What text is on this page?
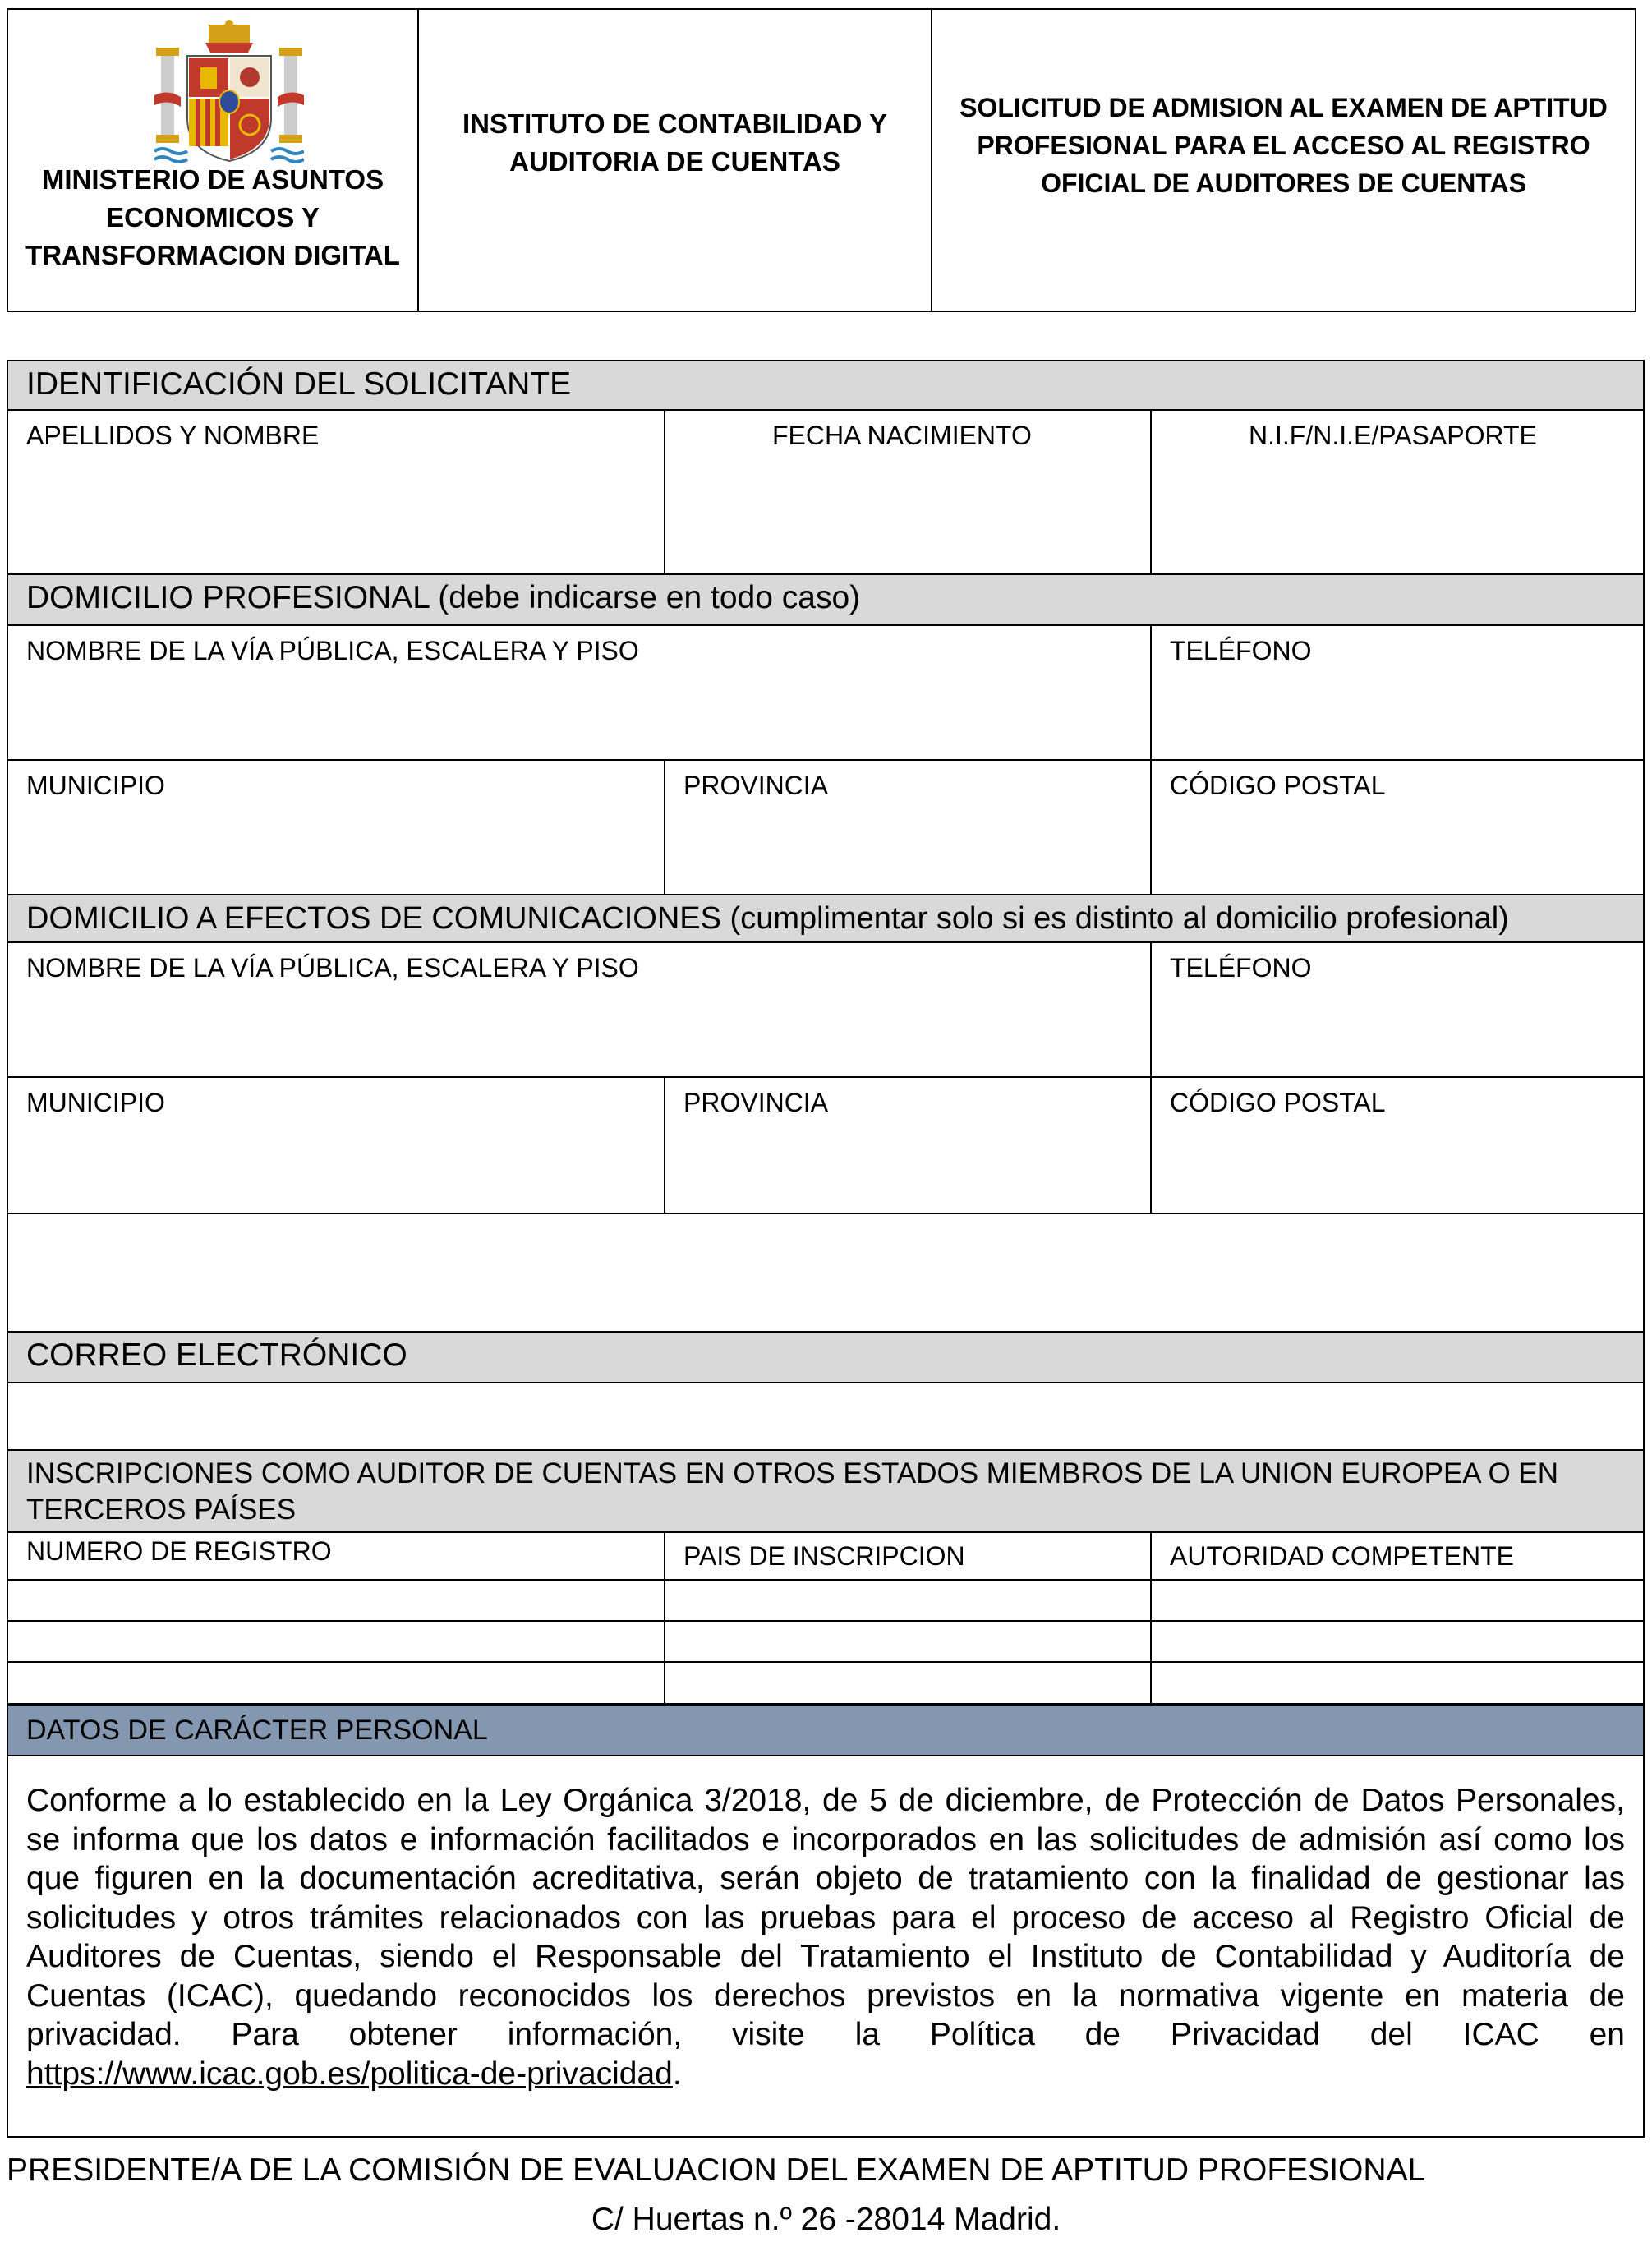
MINISTERIO DE ASUNTOS ECONOMICOS Y TRANSFORMACION DIGITAL
INSTITUTO DE CONTABILIDAD Y AUDITORIA DE CUENTAS
SOLICITUD DE ADMISION AL EXAMEN DE APTITUD PROFESIONAL PARA EL ACCESO AL REGISTRO OFICIAL DE AUDITORES DE CUENTAS
IDENTIFICACIÓN DEL SOLICITANTE
APELLIDOS Y NOMBRE	FECHA NACIMIENTO	N.I.F/N.I.E/PASAPORTE
DOMICILIO PROFESIONAL (debe indicarse en todo caso)
NOMBRE DE LA VÍA PÚBLICA, ESCALERA Y PISO	TELÉFONO
MUNICIPIO	PROVINCIA	CÓDIGO POSTAL
DOMICILIO A EFECTOS DE COMUNICACIONES (cumplimentar solo si es distinto al domicilio profesional)
NOMBRE DE LA VÍA PÚBLICA, ESCALERA Y PISO	TELÉFONO
MUNICIPIO	PROVINCIA	CÓDIGO POSTAL
CORREO ELECTRÓNICO
INSCRIPCIONES COMO AUDITOR DE CUENTAS EN OTROS ESTADOS MIEMBROS DE LA UNION EUROPEA O EN TERCEROS PAÍSES
NUMERO DE REGISTRO	PAIS DE INSCRIPCION	AUTORIDAD COMPETENTE
DATOS DE CARÁCTER PERSONAL
Conforme a lo establecido en la Ley Orgánica 3/2018, de 5 de diciembre, de Protección de Datos Personales, se informa que los datos e información facilitados e incorporados en las solicitudes de admisión así como los que figuren en la documentación acreditativa, serán objeto de tratamiento con la finalidad de gestionar las solicitudes y otros trámites relacionados con las pruebas para el proceso de acceso al Registro Oficial de Auditores de Cuentas, siendo el Responsable del Tratamiento el Instituto de Contabilidad y Auditoría de Cuentas (ICAC), quedando reconocidos los derechos previstos en la normativa vigente en materia de privacidad. Para obtener información, visite la Política de Privacidad del ICAC en https://www.icac.gob.es/politica-de-privacidad.
PRESIDENTE/A DE LA COMISIÓN DE EVALUACION DEL EXAMEN DE APTITUD PROFESIONAL
C/ Huertas n.º 26 -28014 Madrid.
